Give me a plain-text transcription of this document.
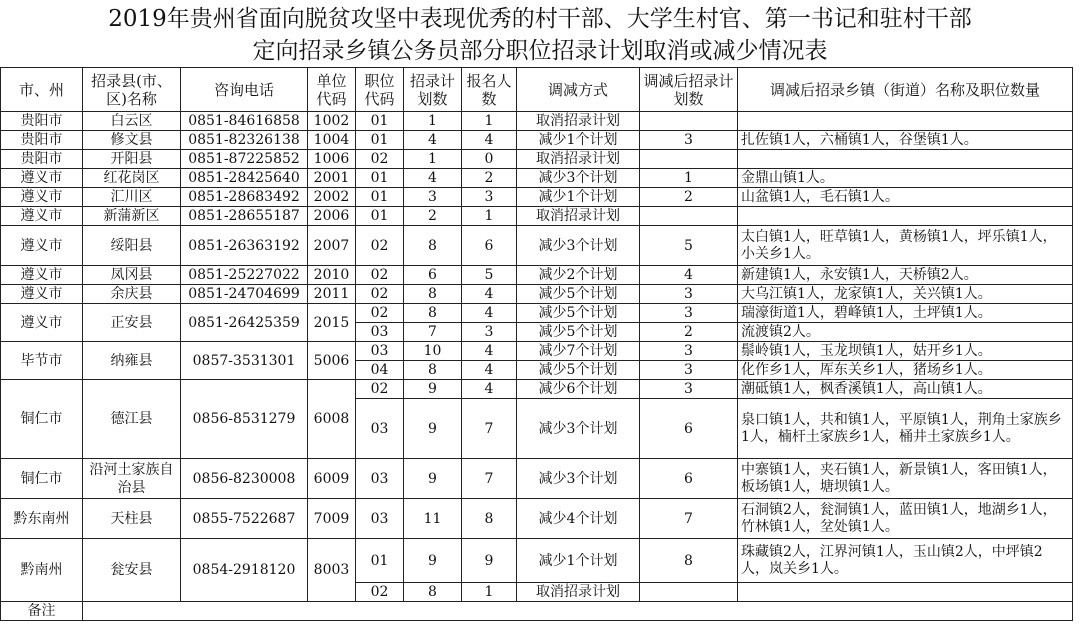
2019年贵州省面向脱贫攻坚中表现优秀的村干部、大学生村官、第一书记和驻村干部
定向招录乡镇公务员部分职位招录计划取消或减少情况表
市、州	招录县(市、区)名称	咨询电话	单位代码	职位代码	招录计划数	报名人数	调减方式	调减后招录计划数	调减后招录乡镇（街道）名称及职位数量
贵阳市	白云区	0851-84616858	1002	01	1	1	取消招录计划		
贵阳市	修文县	0851-82326138	1004	01	4	4	减少1个计划	3	扎佐镇1人，六桶镇1人，谷堡镇1人。
贵阳市	开阳县	0851-87225852	1006	02	1	0	取消招录计划		
遵义市	红花岗区	0851-28425640	2001	01	4	2	减少3个计划	1	金鼎山镇1人。
遵义市	汇川区	0851-28683492	2002	01	3	3	减少1个计划	2	山盆镇1人，毛石镇1人。
遵义市	新蒲新区	0851-28655187	2006	01	2	1	取消招录计划		
遵义市	绥阳县	0851-26363192	2007	02	8	6	减少3个计划	5	太白镇1人，旺草镇1人，黄杨镇1人，坪乐镇1人，小关乡1人。
遵义市	凤冈县	0851-25227022	2010	02	6	5	减少2个计划	4	新建镇1人，永安镇1人，天桥镇2人。
遵义市	余庆县	0851-24704699	2011	02	8	4	减少5个计划	3	大乌江镇1人，龙家镇1人，关兴镇1人。
遵义市	正安县	0851-26425359	2015	02	8	4	减少5个计划	3	瑞濠街道1人，碧峰镇1人，土坪镇1人。
				03	7	3	减少5个计划	2	流渡镇2人。
毕节市	纳雍县	0857-3531301	5006	03	10	4	减少7个计划	3	鬃岭镇1人，玉龙坝镇1人，姑开乡1人。
				04	8	4	减少5个计划	3	化作乡1人，厍东关乡1人，猪场乡1人。
铜仁市	德江县	0856-8531279	6008	02	9	4	减少6个计划	3	潮砥镇1人，枫香溪镇1人，高山镇1人。
				03	9	7	减少3个计划	6	泉口镇1人，共和镇1人，平原镇1人，荆角土家族乡1人，楠杆土家族乡1人，桶井土家族乡1人。
铜仁市	沿河土家族自治县	0856-8230008	6009	03	9	7	减少3个计划	6	中寨镇1人，夹石镇1人，新景镇1人，客田镇1人，板场镇1人，塘坝镇1人。
黔东南州	天柱县	0855-7522687	7009	03	11	8	减少4个计划	7	石洞镇2人，瓮洞镇1人，蓝田镇1人，地湖乡1人，竹林镇1人，坌处镇1人。
黔南州	瓮安县	0854-2918120	8003	01	9	9	减少1个计划	8	珠藏镇2人，江界河镇1人，玉山镇2人，中坪镇2人，岚关乡1人。
				02	8	1	取消招录计划		
备注									
